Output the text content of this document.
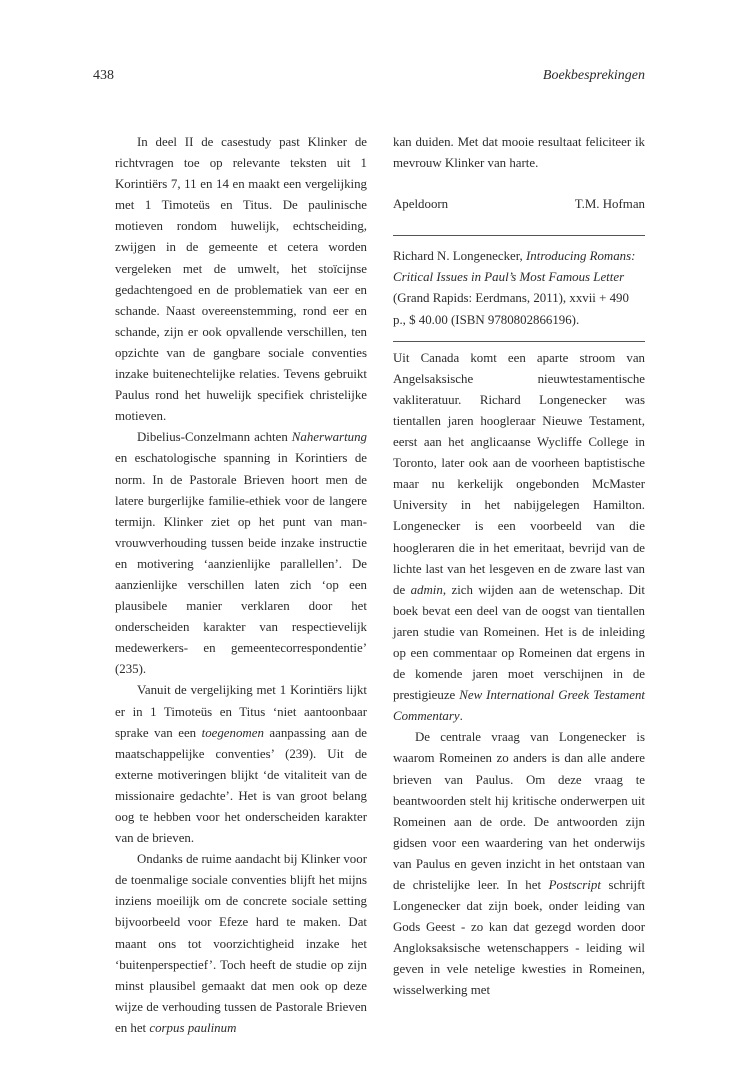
438	Boekbesprekingen

In deel II de casestudy past Klinker de richtvragen toe op relevante teksten uit 1 Korintiërs 7, 11 en 14 en maakt een vergelijking met 1 Timoteüs en Titus. De paulinische motieven rondom huwelijk, echtscheiding, zwijgen in de gemeente et cetera worden vergeleken met de umwelt, het stoïcijnse gedachtengoed en de problematiek van eer en schande. Naast overeenstemming, rond eer en schande, zijn er ook opvallende verschillen, ten opzichte van de gangbare sociale conventies inzake buitenechtelijke relaties. Tevens gebruikt Paulus rond het huwelijk specifiek christelijke motieven.

Dibelius-Conzelmann achten Naherwartung en eschatologische spanning in Korintiers de norm. In de Pastorale Brieven hoort men de latere burgerlijke familie-ethiek voor de langere termijn. Klinker ziet op het punt van man-vrouwverhouding tussen beide inzake instructie en motivering ‘aanzienlijke parallellen’. De aanzienlijke verschillen laten zich ‘op een plausibele manier verklaren door het onderscheiden karakter van respectievelijk medewerkers- en gemeentecorrespondentie’ (235).

Vanuit de vergelijking met 1 Korintiërs lijkt er in 1 Timoteüs en Titus ‘niet aantoonbaar sprake van een toegenomen aanpassing aan de maatschappelijke conventies’ (239). Uit de externe motiveringen blijkt ‘de vitaliteit van de missionaire gedachte’. Het is van groot belang oog te hebben voor het onderscheiden karakter van de brieven.

Ondanks de ruime aandacht bij Klinker voor de toenmalige sociale conventies blijft het mijns inziens moeilijk om de concrete sociale setting bijvoorbeeld voor Efeze hard te maken. Dat maant ons tot voorzichtigheid inzake het ‘buitenperspectief’. Toch heeft de studie op zijn minst plausibel gemaakt dat men ook op deze wijze de verhouding tussen de Pastorale Brieven en het corpus paulinum

kan duiden. Met dat mooie resultaat feliciteer ik mevrouw Klinker van harte.

Apeldoorn	T.M. Hofman

Richard N. Longenecker, Introducing Romans: Critical Issues in Paul’s Most Famous Letter (Grand Rapids: Eerdmans, 2011), xxvii + 490 p., $ 40.00 (ISBN 9780802866196).

Uit Canada komt een aparte stroom van Angelsaksische nieuwtestamentische vakliteratuur. Richard Longenecker was tientallen jaren hoogleraar Nieuwe Testament, eerst aan het anglicaanse Wycliffe College in Toronto, later ook aan de voorheen baptistische maar nu kerkelijk ongebonden McMaster University in het nabijgelegen Hamilton. Longenecker is een voorbeeld van die hoogleraren die in het emeritaat, bevrijd van de lichte last van het lesgeven en de zware last van de admin, zich wijden aan de wetenschap. Dit boek bevat een deel van de oogst van tientallen jaren studie van Romeinen. Het is de inleiding op een commentaar op Romeinen dat ergens in de komende jaren moet verschijnen in de prestigieuze New International Greek Testament Commentary.

De centrale vraag van Longenecker is waarom Romeinen zo anders is dan alle andere brieven van Paulus. Om deze vraag te beantwoorden stelt hij kritische onderwerpen uit Romeinen aan de orde. De antwoorden zijn gidsen voor een waardering van het onderwijs van Paulus en geven inzicht in het ontstaan van de christelijke leer. In het Postscript schrijft Longenecker dat zijn boek, onder leiding van Gods Geest - zo kan dat gezegd worden door Angloksaksische wetenschappers - leiding wil geven in vele netelige kwesties in Romeinen, wisselwerking met
